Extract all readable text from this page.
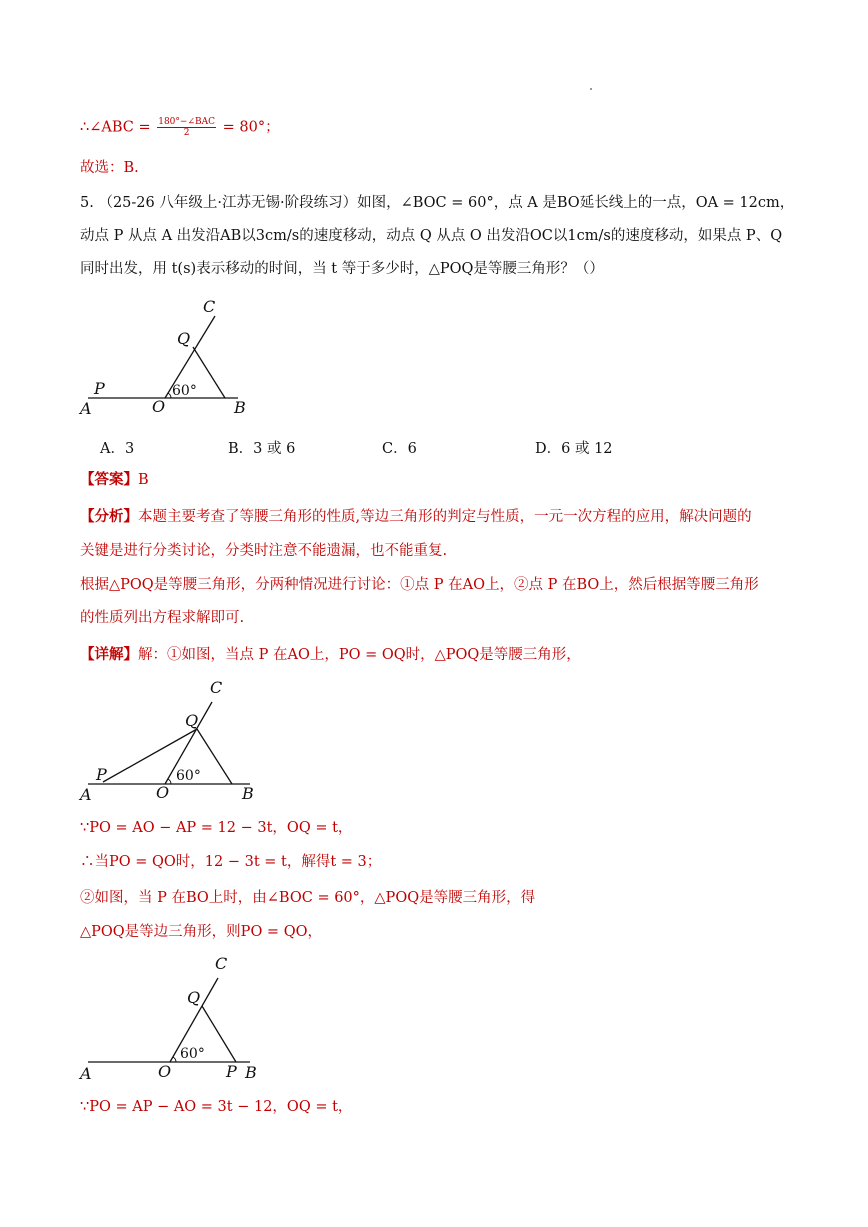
∴∠ABC = $\frac{\text{180°−∠BAC}}{2} = 80^\circ$；
故选：B.
5. （25-26 八年级上·江苏无锡·阶段练习）如图，∠BOC = 60°，点 A 是BO延长线上的一点，OA = 12cm，
动点 P 从点 A 出发沿AB以3cm/s的速度移动，动点 Q 从点 O 出发沿OC以1cm/s的速度移动，如果点 P、Q
同时出发，用 t(s)表示移动的时间，当 t 等于多少时，△POQ是等腰三角形？（）
C
Q
P	60°
A	O	B
A．3	B．3 或 6	C．6	D．6 或 12
【答案】B
【分析】本题主要考查了等腰三角形的性质,等边三角形的判定与性质，一元一次方程的应用，解决问题的
关键是进行分类讨论，分类时注意不能遗漏，也不能重复.
根据△POQ是等腰三角形，分两种情况进行讨论：①点 P 在AO上，②点 P 在BO上，然后根据等腰三角形
的性质列出方程求解即可.
【详解】解：①如图，当点 P 在AO上，PO = OQ时，△POQ是等腰三角形，
C
Q
P	60°
A	O	B
∵PO = AO − AP = 12 − 3t，OQ = t，
∴当PO = QO时，12 − 3t = t，解得t = 3；
②如图，当 P 在BO上时，由∠BOC = 60°，△POQ是等腰三角形，得
△POQ是等边三角形，则PO = QO，
C
Q
60°
A	O	P B
∵PO = AP − AO = 3t − 12，OQ = t，
